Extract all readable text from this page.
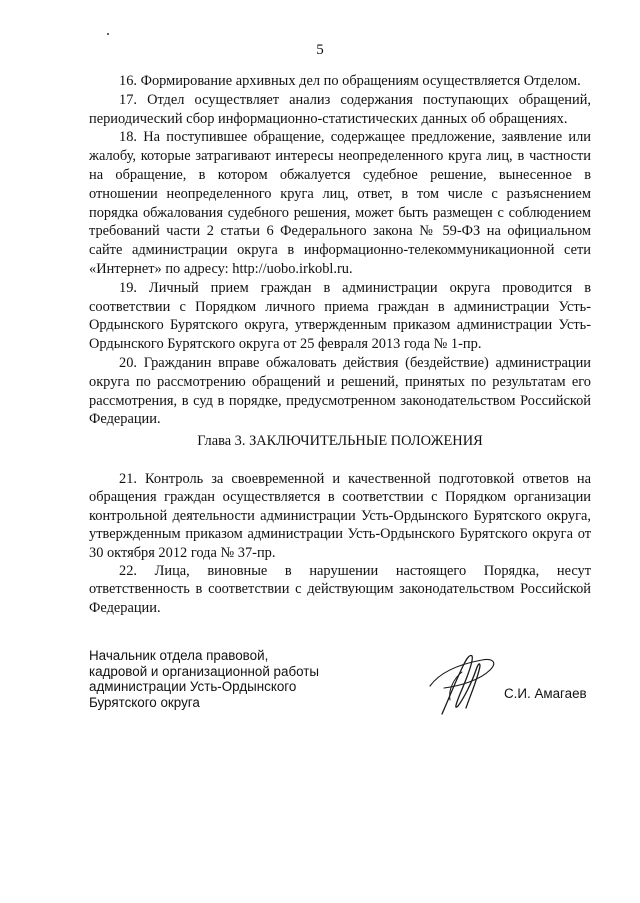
5

16. Формирование архивных дел по обращениям осуществляется Отделом.

17. Отдел осуществляет анализ содержания поступающих обращений, периодический сбор информационно-статистических данных об обращениях.

18. На поступившее обращение, содержащее предложение, заявление или жалобу, которые затрагивают интересы неопределенного круга лиц, в частности на обращение, в котором обжалуется судебное решение, вынесенное в отношении неопределенного круга лиц, ответ, в том числе с разъяснением порядка обжалования судебного решения, может быть размещен с соблюдением требований части 2 статьи 6 Федерального закона № 59-ФЗ на официальном сайте администрации округа в информационно-телекоммуникационной сети «Интернет» по адресу: http://uobo.irkobl.ru.

19. Личный прием граждан в администрации округа проводится в соответствии с Порядком личного приема граждан в администрации Усть-Ордынского Бурятского округа, утвержденным приказом администрации Усть-Ордынского Бурятского округа от 25 февраля 2013 года № 1-пр.

20. Гражданин вправе обжаловать действия (бездействие) администрации округа по рассмотрению обращений и решений, принятых по результатам его рассмотрения, в суд в порядке, предусмотренном законодательством Российской Федерации.

Глава 3. ЗАКЛЮЧИТЕЛЬНЫЕ ПОЛОЖЕНИЯ

21. Контроль за своевременной и качественной подготовкой ответов на обращения граждан осуществляется в соответствии с Порядком организации контрольной деятельности администрации Усть-Ордынского Бурятского округа, утвержденным приказом администрации Усть-Ордынского Бурятского округа от 30 октября 2012 года № 37-пр.

22. Лица, виновные в нарушении настоящего Порядка, несут ответственность в соответствии с действующим законодательством Российской Федерации.

Начальник отдела правовой,
кадровой и организационной работы
администрации Усть-Ордынского
Бурятского округа
С.И. Амагаев
